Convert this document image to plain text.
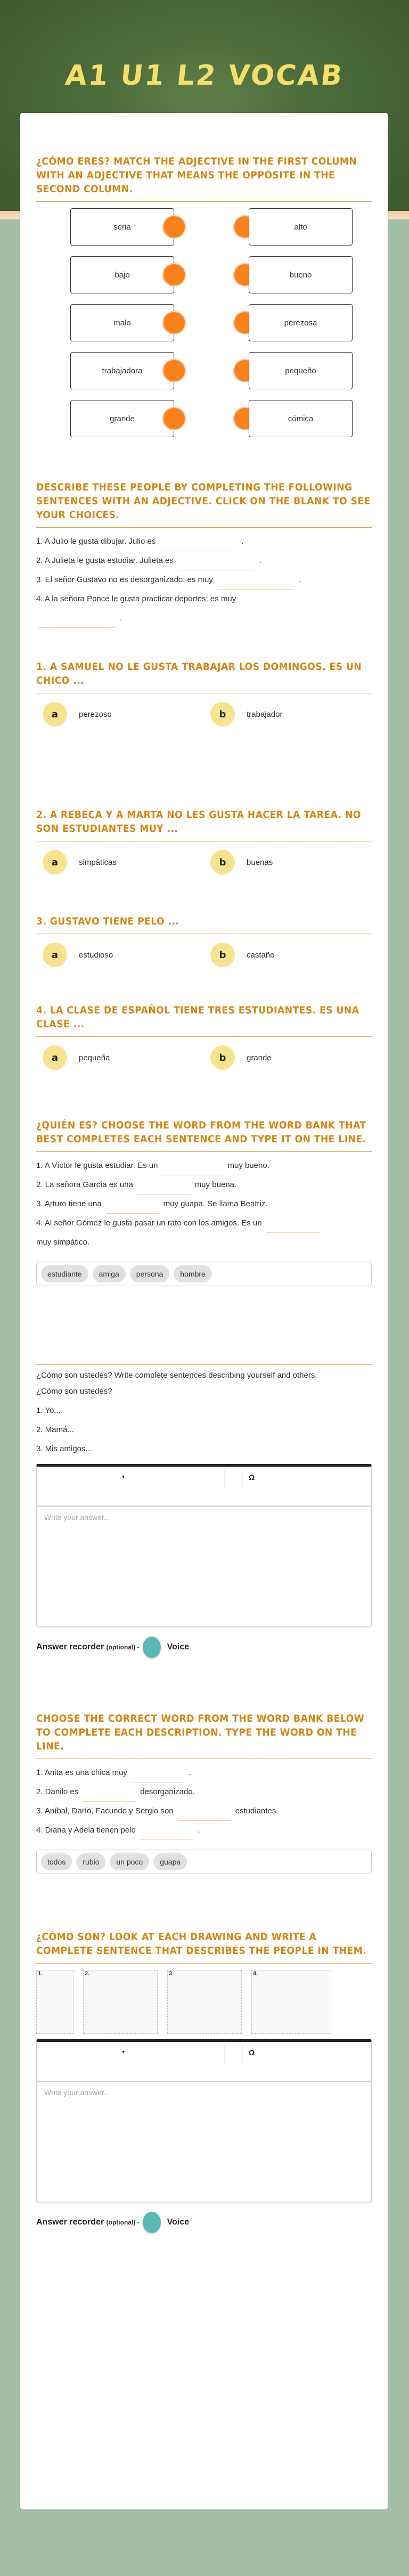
A1 U1 L2 VOCAB
¿CÓMO ERES? MATCH THE ADJECTIVE IN THE FIRST COLUMN WITH AN ADJECTIVE THAT MEANS THE OPPOSITE IN THE SECOND COLUMN.
seria	alto
bajo	bueno
malo	perezosa
trabajadora	pequeño
grande	cómica
DESCRIBE THESE PEOPLE BY COMPLETING THE FOLLOWING SENTENCES WITH AN ADJECTIVE. CLICK ON THE BLANK TO SEE YOUR CHOICES.
1. A Julio le gusta dibujar. Julio es	.
2. A Julieta le gusta estudiar. Julieta es	.
3. El señor Gustavo no es desorganizado; es muy	.
4. A la señora Ponce le gusta practicar deportes; es muy
.
1. A SAMUEL NO LE GUSTA TRABAJAR LOS DOMINGOS. ES UN CHICO ...
a	perezoso	b	trabajador
2. A REBECA Y A MARTA NO LES GUSTA HACER LA TAREA. NO SON ESTUDIANTES MUY ...
a	simpáticas	b	buenas
3. GUSTAVO TIENE PELO ...
a	estudioso	b	castaño
4. LA CLASE DE ESPAÑOL TIENE TRES ESTUDIANTES. ES UNA CLASE ...
a	pequeña	b	grande
¿QUIÉN ES? CHOOSE THE WORD FROM THE WORD BANK THAT BEST COMPLETES EACH SENTENCE AND TYPE IT ON THE LINE.
1. A Víctor le gusta estudiar. Es un	muy bueno.
2. La señora García es una	muy buena.
3. Arturo tiene una	muy guapa. Se llama Beatriz.
4. Al señor Gómez le gusta pasar un rato con los amigos. Es un
muy simpático.
estudiante	amiga	persona	hombre
¿Cómo son ustedes? Write complete sentences describing yourself and others.
¿Cómo son ustedes?
1. Yo...
2. Mamá...
3. Mis amigos...
▾	Ω
Write your answer...
Answer recorder
(optional) -	Voice
CHOOSE THE CORRECT WORD FROM THE WORD BANK BELOW TO COMPLETE EACH DESCRIPTION. TYPE THE WORD ON THE LINE.
1. Anita es una chica muy	.
2. Danilo es	desorganizado.
3. Aníbal, Darío, Facundo y Sergio son	estudiantes.
4. Diana y Adela tienen pelo	.
todos	rubio	un poco	guapa
¿CÓMO SON? LOOK AT EACH DRAWING AND WRITE A COMPLETE SENTENCE THAT DESCRIBES THE PEOPLE IN THEM.
1.	2.	3.	4.
▾	Ω
Write your answer...
Answer recorder
(optional) -	Voice
